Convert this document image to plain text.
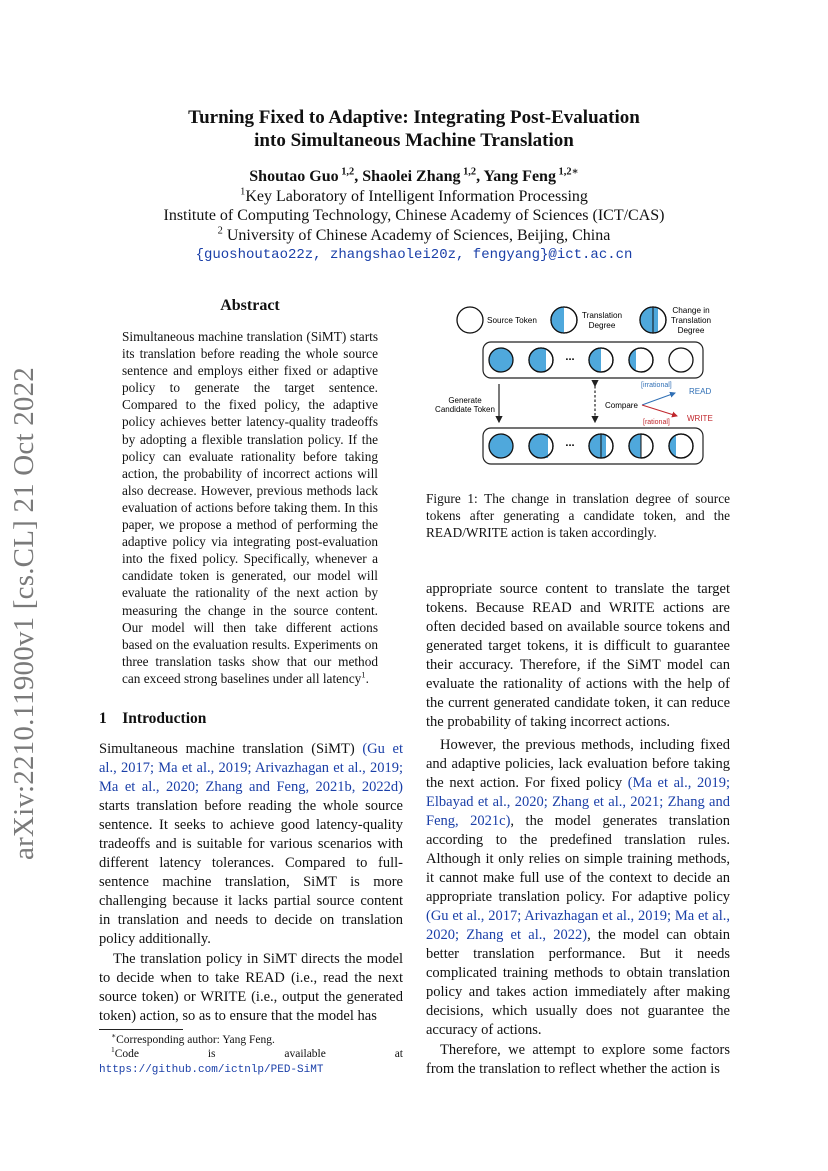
arXiv:2210.11900v1 [cs.CL] 21 Oct 2022
Turning Fixed to Adaptive: Integrating Post-Evaluation
into Simultaneous Machine Translation
Shoutao Guo $^{1,2}$, Shaolei Zhang $^{1,2}$, Yang Feng $^{1,2∗}$
$^1$Key Laboratory of Intelligent Information Processing
Institute of Computing Technology, Chinese Academy of Sciences (ICT/CAS)
$^2$ University of Chinese Academy of Sciences, Beijing, China
{guoshoutao22z, zhangshaolei20z, fengyang}@ict.ac.cn
Abstract
Simultaneous machine translation (SiMT) starts its translation before reading the whole source sentence and employs either fixed or adaptive policy to generate the target sentence. Compared to the fixed policy, the adaptive policy achieves better latency-quality tradeoffs by adopting a flexible translation policy. If the policy can evaluate rationality before taking action, the probability of incorrect actions will also decrease. However, previous methods lack evaluation of actions before taking them. In this paper, we propose a method of performing the adaptive policy via integrating post-evaluation into the fixed policy. Specifically, whenever a candidate token is generated, our model will evaluate the rationality of the next action by measuring the change in the source content. Our model will then take different actions based on the evaluation results. Experiments on three translation tasks show that our method can exceed strong baselines under all latency$^1$.
1    Introduction
Simultaneous machine translation (SiMT) (Gu et al., 2017; Ma et al., 2019; Arivazhagan et al., 2019; Ma et al., 2020; Zhang and Feng, 2021b, 2022d) starts translation before reading the whole source sentence. It seeks to achieve good latency-quality tradeoffs and is suitable for various scenarios with different latency tolerances. Compared to full-sentence machine translation, SiMT is more challenging because it lacks partial source content in translation and needs to decide on translation policy additionally.
The translation policy in SiMT directs the model to decide when to take READ (i.e., read the next source token) or WRITE (i.e., output the generated token) action, so as to ensure that the model has
∗Corresponding author: Yang Feng.
$^1$Code is available at https://github.com/ictnlp/PED-SiMT
Source Token
Translation
Degree
Change in
Translation
Degree
...
Generate
Candidate Token	Compare
[irrational]
READ
[rational] WRITE
...
Figure 1: The change in translation degree of source tokens after generating a candidate token, and the READ/WRITE action is taken accordingly.
appropriate source content to translate the target tokens. Because READ and WRITE actions are often decided based on available source tokens and generated target tokens, it is difficult to guarantee their accuracy. Therefore, if the SiMT model can evaluate the rationality of actions with the help of the current generated candidate token, it can reduce the probability of taking incorrect actions.
However, the previous methods, including fixed and adaptive policies, lack evaluation before taking the next action. For fixed policy (Ma et al., 2019; Elbayad et al., 2020; Zhang et al., 2021; Zhang and Feng, 2021c), the model generates translation according to the predefined translation rules. Although it only relies on simple training methods, it cannot make full use of the context to decide an appropriate translation policy. For adaptive policy (Gu et al., 2017; Arivazhagan et al., 2019; Ma et al., 2020; Zhang et al., 2022), the model can obtain better translation performance. But it needs complicated training methods to obtain translation policy and takes action immediately after making decisions, which usually does not guarantee the accuracy of actions.
Therefore, we attempt to explore some factors from the translation to reflect whether the action is
